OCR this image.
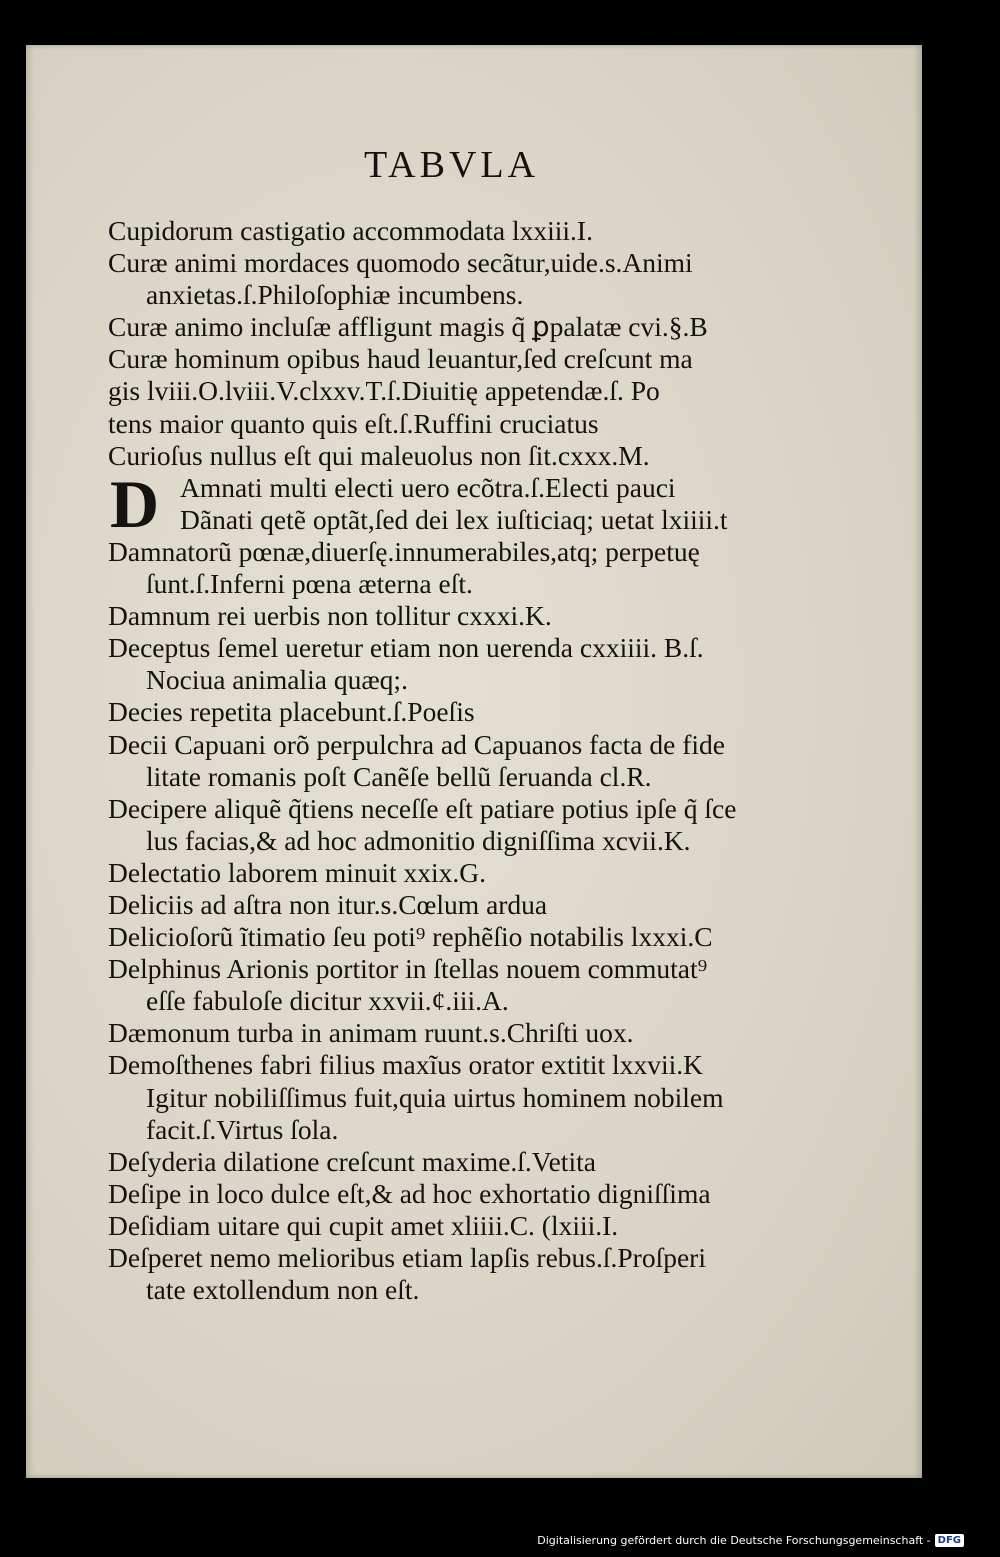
TABVLA
Cupidorum castigatio accommodata lxxiii.I.
Curæ animi mordaces quomodo secãtur,uide.s.Animi
anxietas.ſ.Philoſophiæ incumbens.
Curæ animo incluſæ affligunt magis q̃ ꝑpalatæ cvi.§.B
Curæ hominum opibus haud leuantur,ſed creſcunt ma
gis lviii.O.lviii.V.clxxv.T.ſ.Diuitię appetendæ.ſ. Po
tens maior quanto quis eſt.ſ.Ruffini cruciatus
Curioſus nullus eſt qui maleuolus non ſit.cxxx.M.
D Amnati multi electi uero ecõtra.ſ.Electi pauci
Dãnati qetẽ optãt,ſed dei lex iuſticiaq; uetat lxiiii.t
Damnatorũ pœnæ,diuerſę.innumerabiles,atq; perpetuę
ſunt.ſ.Inferni pœna æterna eſt.
Damnum rei uerbis non tollitur cxxxi.K.
Deceptus ſemel ueretur etiam non uerenda cxxiiii. B.ſ.
Nociua animalia quæq;.
Decies repetita placebunt.ſ.Poeſis
Decii Capuani orõ perpulchra ad Capuanos facta de fide
litate romanis poſt Canẽſe bellũ ſeruanda cl.R.
Decipere aliquẽ q̃tiens neceſſe eſt patiare potius ipſe q̃ ſce
lus facias,& ad hoc admonitio digniſſima xcvii.K.
Delectatio laborem minuit xxix.G.
Deliciis ad aſtra non itur.s.Cœlum ardua
Delicioſorũ ĩtimatio ſeu poti⁹ rephẽſio notabilis lxxxi.C
Delphinus Arionis portitor in ſtellas nouem commutat⁹
eſſe fabuloſe dicitur xxvii.¢.iii.A.
Dæmonum turba in animam ruunt.s.Chriſti uox.
Demoſthenes fabri filius maxĩus orator extitit lxxvii.K
Igitur nobiliſſimus fuit,quia uirtus hominem nobilem
facit.ſ.Virtus ſola.
Deſyderia dilatione creſcunt maxime.ſ.Vetita
Deſipe in loco dulce eſt,& ad hoc exhortatio digniſſima
Deſidiam uitare qui cupit amet xliiii.C. (lxiii.I.
Deſperet nemo melioribus etiam lapſis rebus.ſ.Proſperi
tate extollendum non eſt.
Digitalisierung gefördert durch die Deutsche Forschungsgemeinschaft - DFG
